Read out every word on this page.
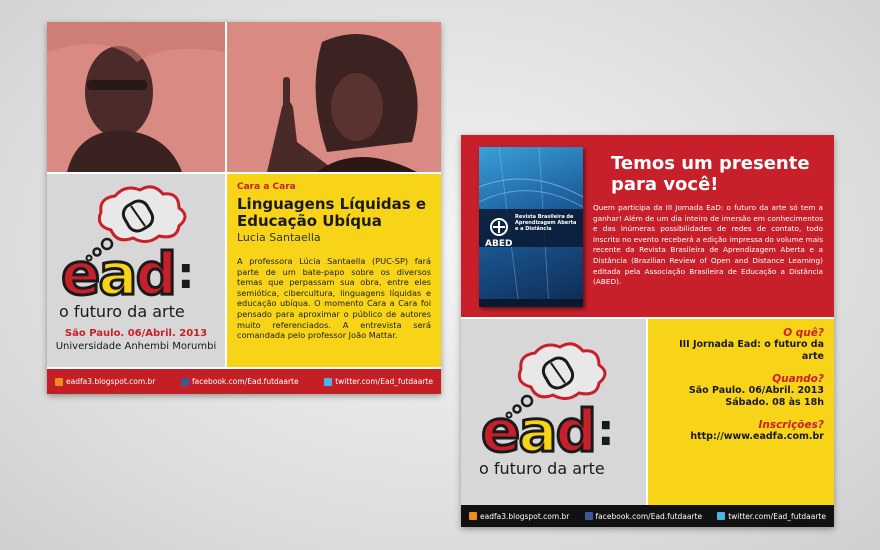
e a d :
o futuro da arte
São Paulo. 06/Abril. 2013
Universidade Anhembi Morumbi
Cara a Cara
Linguagens Líquidas e
Educação Ubíqua
Lucia Santaella
A professora Lúcia Santaella (PUC-SP) fará parte de um bate-papo sobre os diversos temas que perpassam sua obra, entre eles semiótica, cibercultura, linguagens líquidas e educação ubíqua. O momento Cara a Cara foi pensado para aproximar o público de autores muito referenciados. A entrevista será comandada pelo professor João Mattar.
eadfa3.blogspot.com.br	facebook.com/Ead.futdaarte	twitter.com/Ead_futdaarte
ABED
Revista Brasileira de Aprendizagem Aberta e a Distância
Temos um presente
para você!
Quem participa da III Jornada EaD: o futuro da arte só tem a ganhar! Além de um dia inteiro de imersão em conhecimentos e das inúmeras possibilidades de redes de contato, todo inscrito no evento receberá a edição impressa do volume mais recente da Revista Brasileira de Aprendizagem Aberta e a Distância (Brazilian Review of Open and Distance Learning) editada pela Associação Brasileira de Educação a Distância (ABED).
e a d :
o futuro da arte
O quê?
III Jornada Ead: o futuro da arte
Quando?
São Paulo. 06/Abril. 2013
Sábado. 08 às 18h
Inscrições?
http://www.eadfa.com.br
eadfa3.blogspot.com.br	facebook.com/Ead.futdaarte	twitter.com/Ead_futdaarte
